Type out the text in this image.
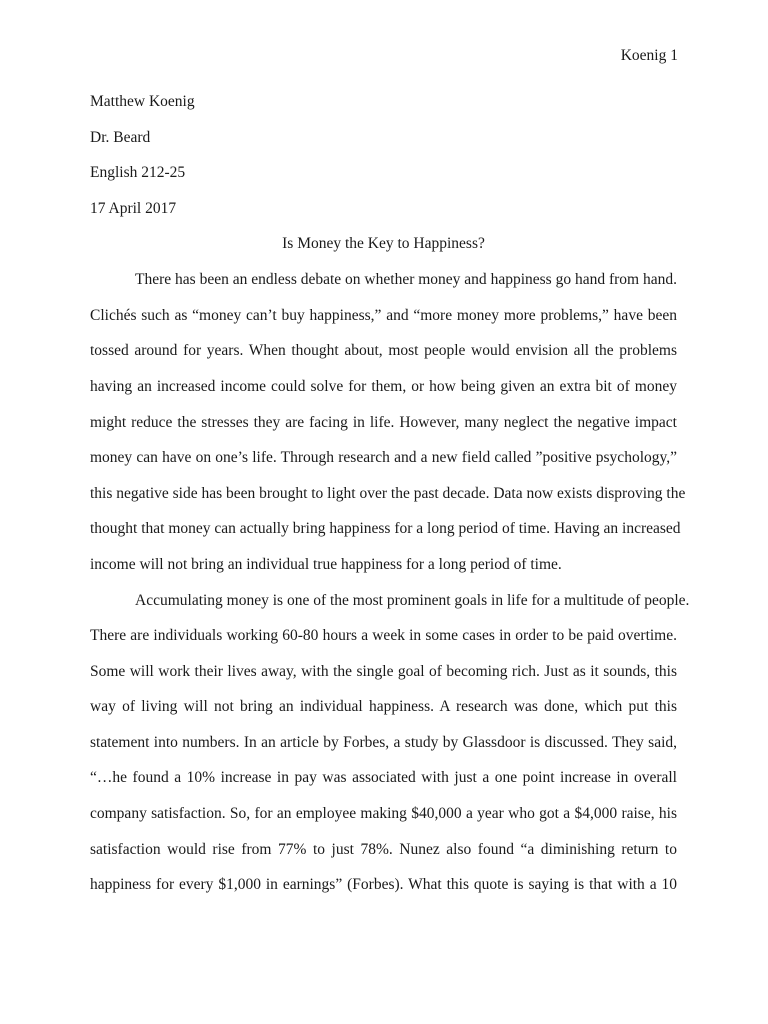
Koenig 1
Matthew Koenig
Dr. Beard
English 212-25
17 April 2017
Is Money the Key to Happiness?
There has been an endless debate on whether money and happiness go hand from hand.
Clichés such as “money can’t buy happiness,” and “more money more problems,” have been
tossed around for years. When thought about, most people would envision all the problems
having an increased income could solve for them, or how being given an extra bit of money
might reduce the stresses they are facing in life. However, many neglect the negative impact
money can have on one’s life. Through research and a new field called ”positive psychology,”
this negative side has been brought to light over the past decade. Data now exists disproving the
thought that money can actually bring happiness for a long period of time. Having an increased
income will not bring an individual true happiness for a long period of time.
Accumulating money is one of the most prominent goals in life for a multitude of people.
There are individuals working 60-80 hours a week in some cases in order to be paid overtime.
Some will work their lives away, with the single goal of becoming rich. Just as it sounds, this
way of living will not bring an individual happiness. A research was done, which put this
statement into numbers. In an article by Forbes, a study by Glassdoor is discussed. They said,
“…he found a 10% increase in pay was associated with just a one point increase in overall
company satisfaction. So, for an employee making $40,000 a year who got a $4,000 raise, his
satisfaction would rise from 77% to just 78%. Nunez also found “a diminishing return to
happiness for every $1,000 in earnings” (Forbes). What this quote is saying is that with a 10
